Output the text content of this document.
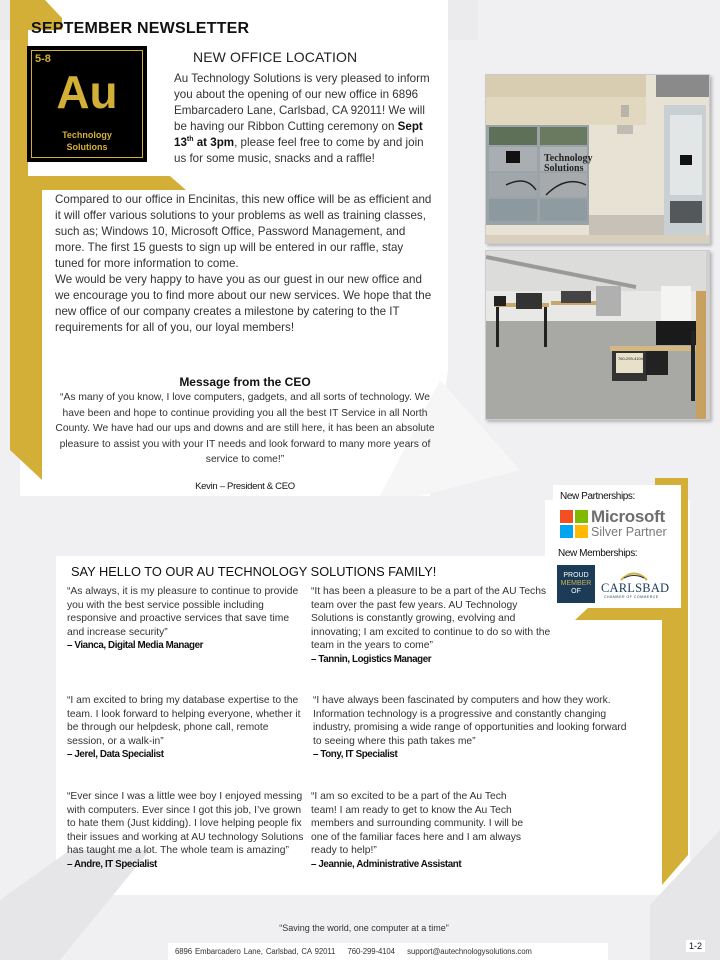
SEPTEMBER NEWSLETTER
5-8
Au
Technology
Solutions
NEW OFFICE LOCATION

Au Technology Solutions is very pleased to inform you about the opening of our new office in 6896 Embarcadero Lane, Carlsbad, CA 92011! We will be having our Ribbon Cutting ceremony on Sept 13th at 3pm, please feel free to come by and join us for some music, snacks and a raffle!

Compared to our office in Encinitas, this new office will be as efficient and it will offer various solutions to your problems as well as training classes, such as; Windows 10, Microsoft Office, Password Management, and more. The first 15 guests to sign up will be entered in our raffle, stay tuned for more information to come.

We would be very happy to have you as our guest in our new office and we encourage you to find more about our new services. We hope that the new office of our company creates a milestone by catering to the IT requirements for all of you, our loyal members!

Message from the CEO
“As many of you know, I love computers, gadgets, and all sorts of technology. We have been and hope to continue providing you all the best IT Service in all North County. We have had our ups and downs and are still here, it has been an absolute pleasure to assist you with your IT needs and look forward to many more years of service to come!”
Kevin – President & CEO
Technology
Solutions
760-299-4104
New Partnerships:
Microsoft
Silver Partner
New Memberships:
PROUD
MEMBER
OF	CARLSBAD
CHAMBER OF COMMERCE
SAY HELLO TO OUR AU TECHNOLOGY SOLUTIONS FAMILY!
“As always, it is my pleasure to continue to provide you with the best service possible including responsive and proactive services that save time and increase security”
– Vianca, Digital Media Manager
“It has been a pleasure to be a part of the AU Techs team over the past few years. AU Technology Solutions is constantly growing, evolving and innovating; I am excited to continue to do so with the team in the years to come”
– Tannin, Logistics Manager
“I am excited to bring my database expertise to the team. I look forward to helping everyone, whether it be through our helpdesk, phone call, remote session, or a walk-in”
– Jerel, Data Specialist
“I have always been fascinated by computers and how they work. Information technology is a progressive and constantly changing industry, promising a wide range of opportunities and looking forward to seeing where this path takes me”
– Tony, IT Specialist
“Ever since I was a little wee boy I enjoyed messing with computers. Ever since I got this job, I’ve grown to hate them (Just kidding). I love helping people fix their issues and working at AU technology Solutions has taught me a lot. The whole team is amazing”
– Andre, IT Specialist
“I am so excited to be a part of the Au Tech team! I am ready to get to know the Au Tech members and surrounding community. I will be one of the familiar faces here and I am always ready to help!”
– Jeannie, Administrative Assistant
“Saving the world, one computer at a time”
6896 Embarcadero Lane, Carlsbad, CA 92011 760-299-4104 support@autechnologysolutions.com
1-2
